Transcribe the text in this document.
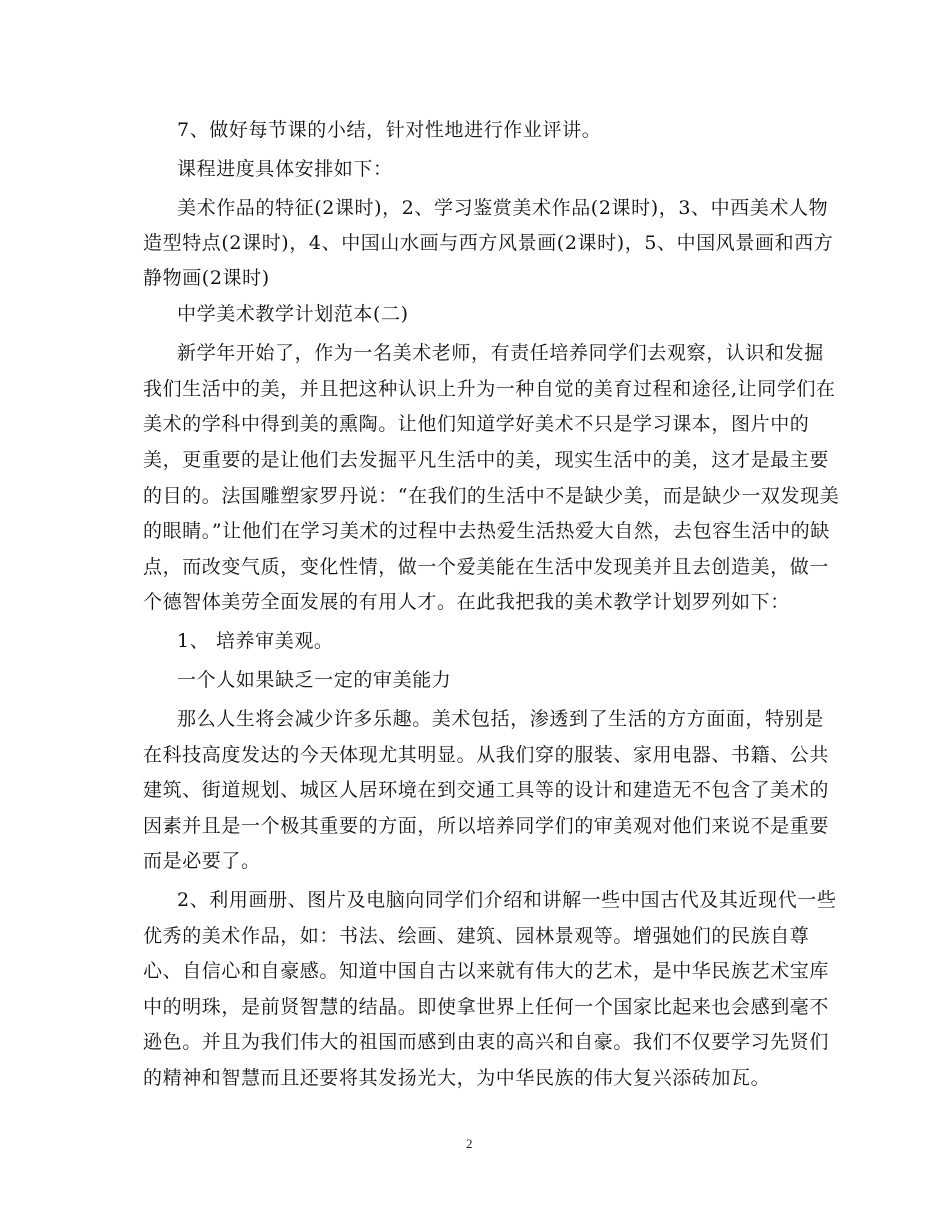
7、做好每节课的小结，针对性地进行作业评讲。
课程进度具体安排如下：
美术作品的特征(2课时)，2、学习鉴赏美术作品(2课时)，3、中西美术人物
造型特点(2课时)，4、中国山水画与西方风景画(2课时)，5、中国风景画和西方
静物画(2课时)
中学美术教学计划范本(二)
新学年开始了，作为一名美术老师，有责任培养同学们去观察，认识和发掘
我们生活中的美，并且把这种认识上升为一种自觉的美育过程和途径,让同学们在
美术的学科中得到美的熏陶。让他们知道学好美术不只是学习课本，图片中的
美，更重要的是让他们去发掘平凡生活中的美，现实生活中的美，这才是最主要
的目的。法国雕塑家罗丹说：“在我们的生活中不是缺少美，而是缺少一双发现美
的眼睛。”让他们在学习美术的过程中去热爱生活热爱大自然，去包容生活中的缺
点，而改变气质，变化性情，做一个爱美能在生活中发现美并且去创造美，做一
个德智体美劳全面发展的有用人才。在此我把我的美术教学计划罗列如下：
1、 培养审美观。
一个人如果缺乏一定的审美能力
那么人生将会减少许多乐趣。美术包括，渗透到了生活的方方面面，特别是
在科技高度发达的今天体现尤其明显。从我们穿的服装、家用电器、书籍、公共
建筑、街道规划、城区人居环境在到交通工具等的设计和建造无不包含了美术的
因素并且是一个极其重要的方面，所以培养同学们的审美观对他们来说不是重要
而是必要了。
2、利用画册、图片及电脑向同学们介绍和讲解一些中国古代及其近现代一些
优秀的美术作品，如：书法、绘画、建筑、园林景观等。增强她们的民族自尊
心、自信心和自豪感。知道中国自古以来就有伟大的艺术，是中华民族艺术宝库
中的明珠，是前贤智慧的结晶。即使拿世界上任何一个国家比起来也会感到毫不
逊色。并且为我们伟大的祖国而感到由衷的高兴和自豪。我们不仅要学习先贤们
的精神和智慧而且还要将其发扬光大，为中华民族的伟大复兴添砖加瓦。
2
